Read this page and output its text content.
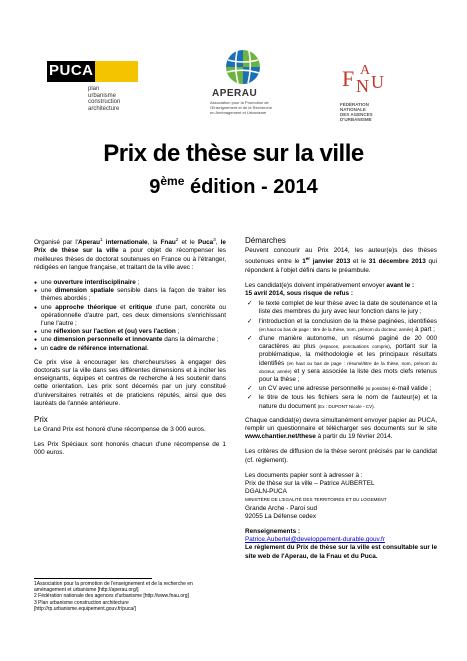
PUCA
plan
urbanisme
construction
architecture
APERAU
Association pour la Promotion de
l'Enseignement et de la Recherche
en Aménagement et Urbanisme
F N
A
U
FÉDÉRATION
NATIONALE
DES AGENCES
D'URBANISME
Prix de thèse sur la ville
9ème édition - 2014

Organisé par l'Aperau$^1$ internationale, la Fnau$^2$ et le Puca$^3$, le Prix de thèse sur la ville a pour objet de récompenser les meilleures thèses de doctorat soutenues en France ou à l'étranger, rédigées en langue française, et traitant de la ville avec :

● une ouverture interdisciplinaire ;
● une dimension spatiale sensible dans la façon de traiter les thèmes abordés ;
● une approche théorique et critique d'une part, concrète ou opérationnelle d'autre part, ces deux dimensions s'enrichissant l'une l'autre ;
● une réflexion sur l'action et (ou) vers l'action ;
● une dimension personnelle et innovante dans la démarche ;
● un cadre de référence international.

Ce prix vise à encourager les chercheurs/ses à engager des doctorats sur la ville dans ses différentes dimensions et à inciter les enseignants, équipes et centres de recherche à les soutenir dans cette orientation. Les prix sont décernés par un jury constitué d'universitaires retraités et de praticiens réputés, ainsi que des lauréats de l'année antérieure.

Prix

Le Grand Prix est honoré d'une récompense de 3 000 euros.

Les Prix Spéciaux sont honorés chacun d'une récompense de 1 000 euros.

1Association pour la promotion de l'enseignement et de la recherche en aménagement et urbanisme [http://aperau.org/]

2 Fédération nationale des agences d'urbanisme [http://www.fnau.org]

3 Plan urbanisme construction architecture [http://rp.urbanisme.equipement.gouv.fr/puca/]

Démarches

Peuvent concourir au Prix 2014, les auteur(e)s des thèses soutenues entre le 1er janvier 2013 et le 31 décembre 2013 qui répondent à l'objet défini dans le préambule.

Les candidat(e)s doivent impérativement envoyer avant le :
15 avril 2014, sous risque de refus :

✓ le texte complet de leur thèse avec la date de soutenance et la liste des membres du jury avec leur fonction dans le jury ;
✓ l'introduction et la conclusion de la thèse paginées, identifiées (en haut ou bas de page : titre de la thèse, nom, prénom du docteur, année) à part ;
✓ d'une manière autonome, un résumé paginé de 20 000 caractères au plus (espaces, ponctuations compris), portant sur la problématique, la méthodologie et les principaux résultats identifiés (en haut ou bas de page : résumé/titre de la thèse, nom, prénom du docteur, année) et y sera associée la liste des mots clefs retenus pour la thèse ;
✓ un CV avec une adresse personnelle (si possible) e-mail valide ;
✓ le titre de tous les fichiers sera le nom de l'auteur(e) et la nature du document (Ex : DUPONT Nicole - CV).

Chaque candidat(e) devra simultanément envoyer papier au PUCA, remplir un questionnaire et télécharger ses documents sur le site www.chantier.net/these à partir du 19 février 2014.

Les critères de diffusion de la thèse seront précisés par le candidat (cf. règlement).

Les documents papier sont à adresser à :

Prix de thèse sur la ville – Patrice AUBERTEL
DGALN-PUCA
MINISTÈRE DE L'EGALITÉ DES TERRITOIRES ET DU LOGEMENT
Grande Arche - Paroi sud
92055 La Défense cedex

Renseignements :

Patrice.Aubertel@developpement-durable.gouv.fr

Le règlement du Prix de thèse sur la ville est consultable sur le site web de l'Aperau, de la Fnau et du Puca.
